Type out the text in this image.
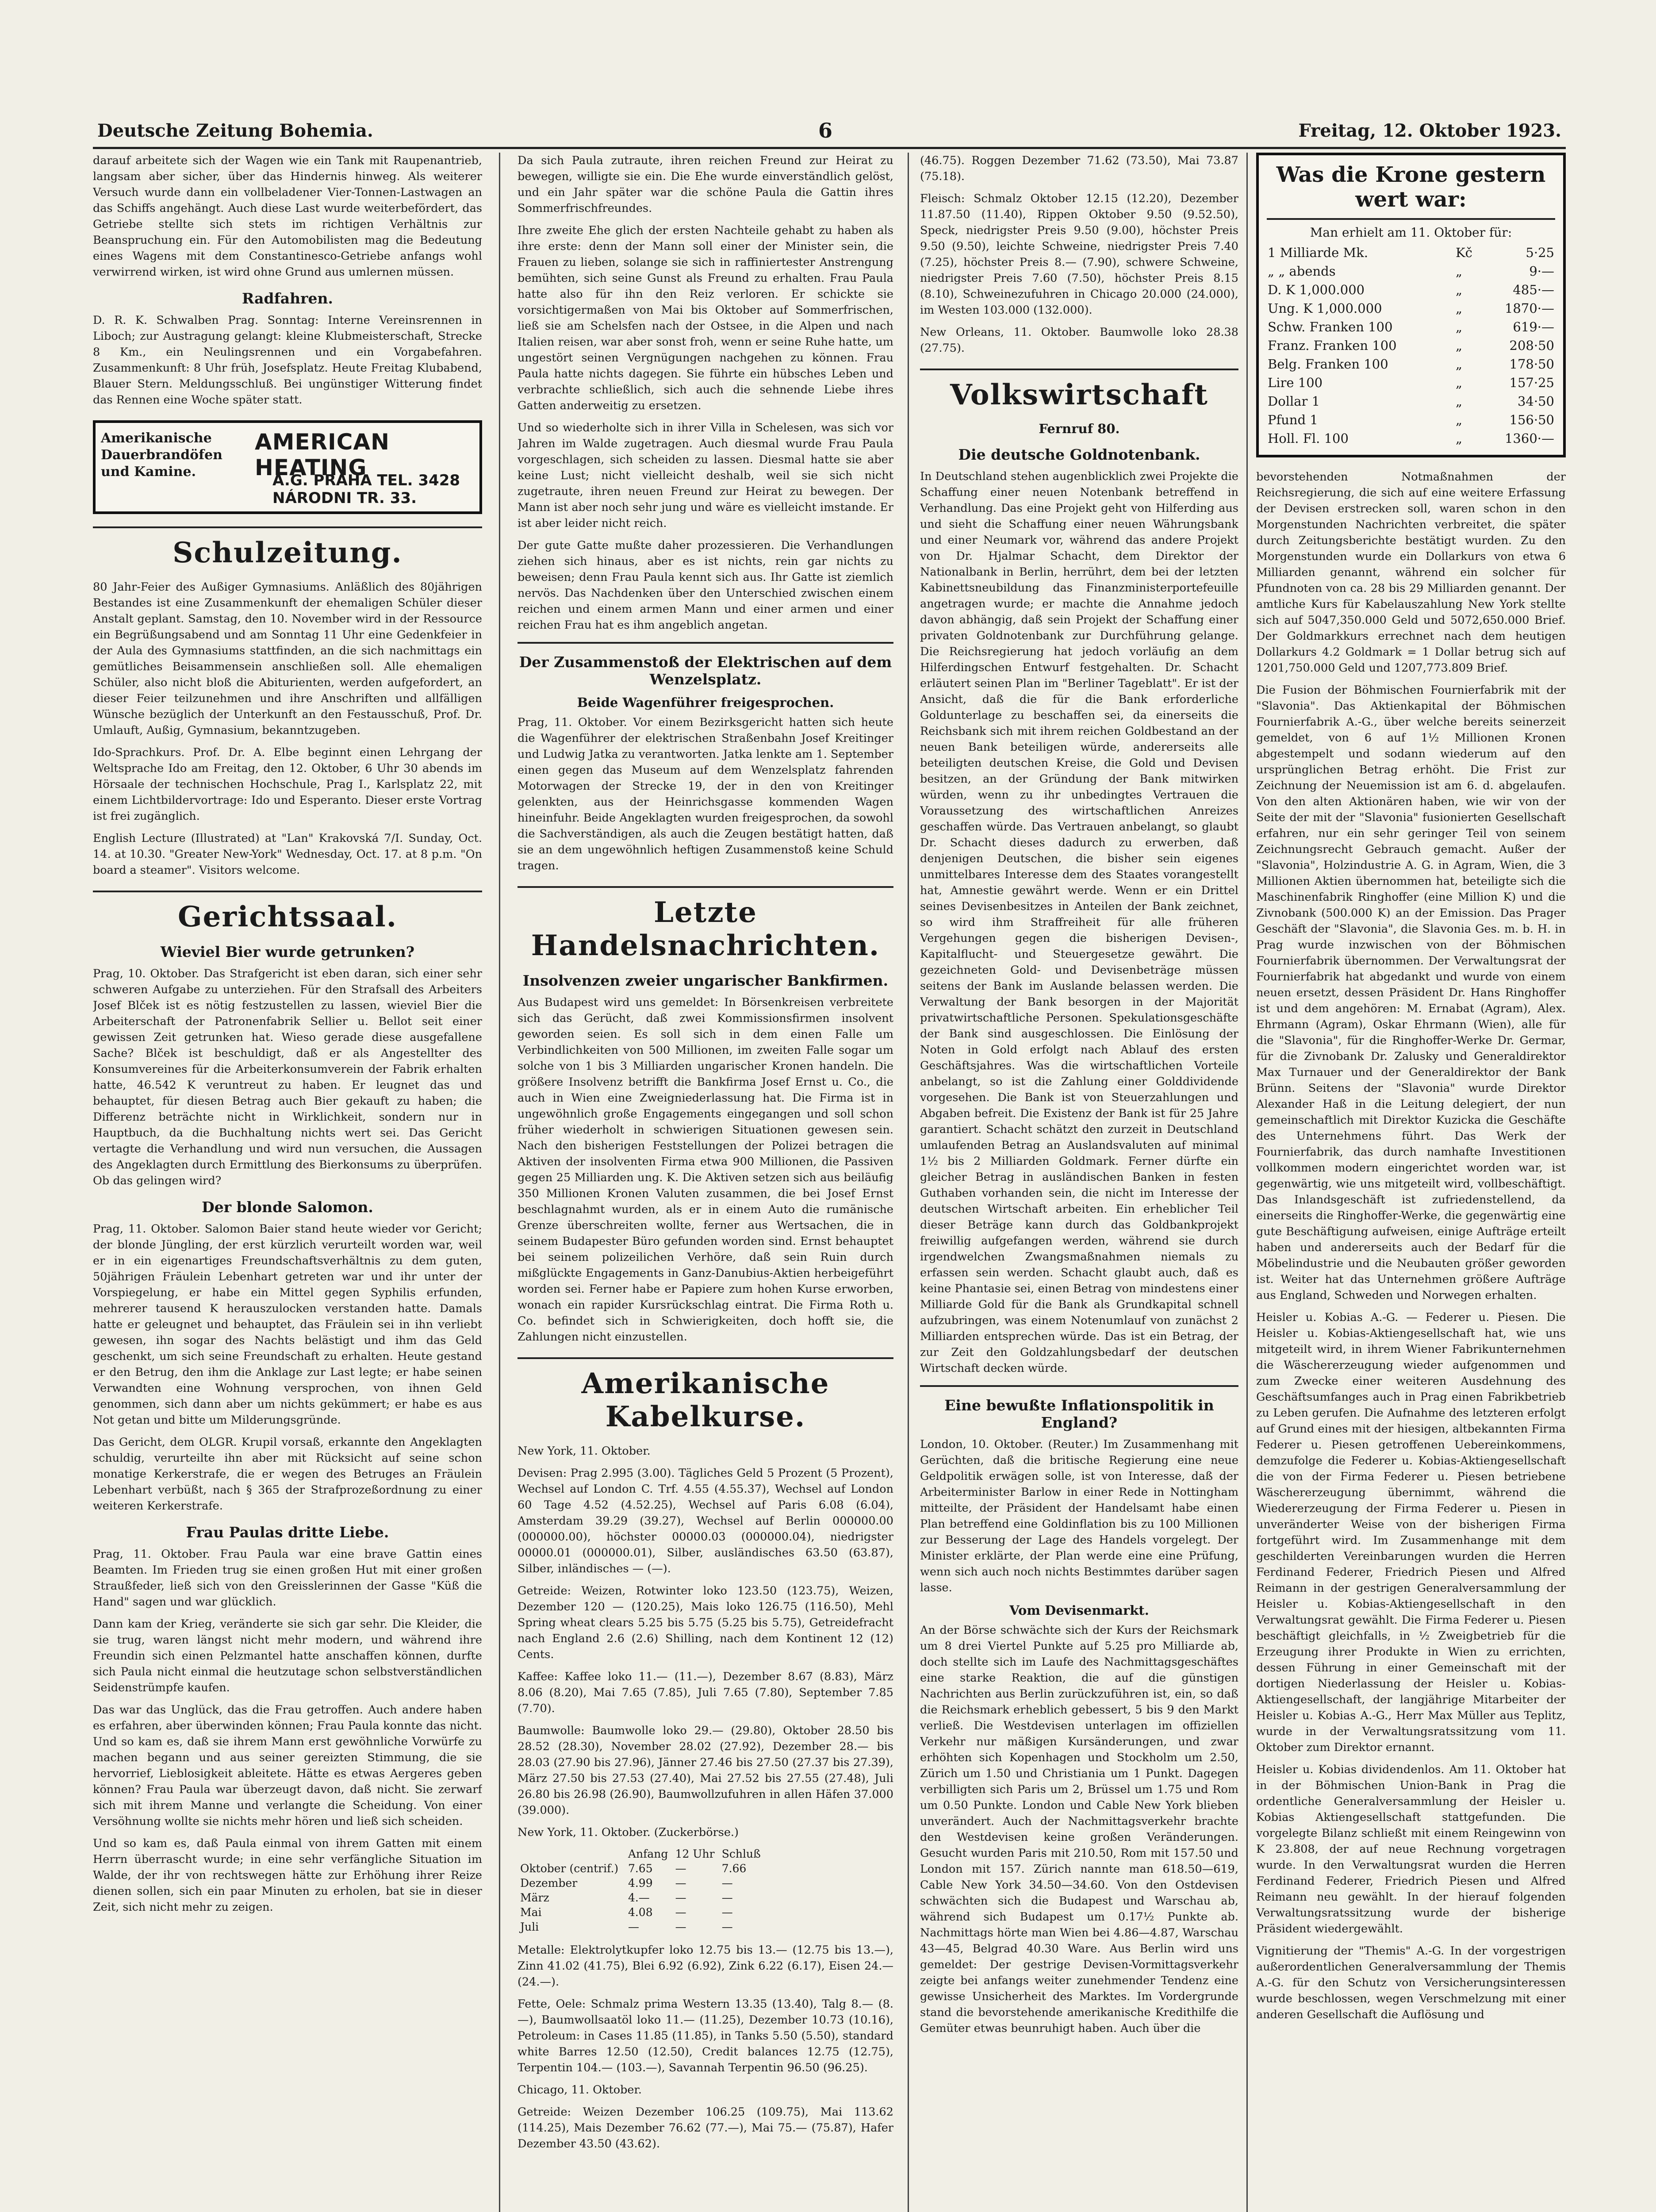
Deutsche Zeitung Bohemia.	6	Freitag, 12. Oktober 1923.

darauf arbeitete sich der Wagen wie ein Tank mit Raupenantrieb, langsam aber sicher, über das Hindernis hinweg. Als weiterer Versuch wurde dann ein vollbeladener Vier-Tonnen-Lastwagen an das Schiffs angehängt. Auch diese Last wurde weiterbefördert, das Getriebe stellte sich stets im richtigen Verhältnis zur Beanspruchung ein. Für den Automobilisten mag die Bedeutung eines Wagens mit dem Constantinesco-Getriebe anfangs wohl verwirrend wirken, ist wird ohne Grund aus umlernen müssen.

Radfahren.

D. R. K. Schwalben Prag. Sonntag: Interne Vereinsrennen in Liboch; zur Austragung gelangt: kleine Klubmeisterschaft, Strecke 8 Km., ein Neulingsrennen und ein Vorgabefahren. Zusammenkunft: 8 Uhr früh, Josefsplatz. Heute Freitag Klubabend, Blauer Stern. Meldungsschluß. Bei ungünstiger Witterung findet das Rennen eine Woche später statt.

Amerikanische Dauerbrandöfen und Kamine.
AMERICAN HEATING
A.G. PRAHA TEL. 3428
NÁRODNI TR. 33.
Schulzeitung.

80 Jahr-Feier des Außiger Gymnasiums. Anläßlich des 80jährigen Bestandes ist eine Zusammenkunft der ehemaligen Schüler dieser Anstalt geplant. Samstag, den 10. November wird in der Ressource ein Begrüßungsabend und am Sonntag 11 Uhr eine Gedenkfeier in der Aula des Gymnasiums stattfinden, an die sich nachmittags ein gemütliches Beisammensein anschließen soll. Alle ehemaligen Schüler, also nicht bloß die Abiturienten, werden aufgefordert, an dieser Feier teilzunehmen und ihre Anschriften und allfälligen Wünsche bezüglich der Unterkunft an den Festausschuß, Prof. Dr. Umlauft, Außig, Gymnasium, bekanntzugeben.

Ido-Sprachkurs. Prof. Dr. A. Elbe beginnt einen Lehrgang der Weltsprache Ido am Freitag, den 12. Oktober, 6 Uhr 30 abends im Hörsaale der technischen Hochschule, Prag I., Karlsplatz 22, mit einem Lichtbildervortrage: Ido und Esperanto. Dieser erste Vortrag ist frei zugänglich.

English Lecture (Illustrated) at "Lan" Krakovská 7/I. Sunday, Oct. 14. at 10.30. "Greater New-York" Wednesday, Oct. 17. at 8 p.m. "On board a steamer". Visitors welcome.

Gerichtssaal.
Wieviel Bier wurde getrunken?

Prag, 10. Oktober. Das Strafgericht ist eben daran, sich einer sehr schweren Aufgabe zu unterziehen. Für den Strafsall des Arbeiters Josef Blček ist es nötig festzustellen zu lassen, wieviel Bier die Arbeiterschaft der Patronenfabrik Sellier u. Bellot seit einer gewissen Zeit getrunken hat. Wieso gerade diese ausgefallene Sache? Blček ist beschuldigt, daß er als Angestellter des Konsumvereines für die Arbeiterkonsumverein der Fabrik erhalten hatte, 46.542 K veruntreut zu haben. Er leugnet das und behauptet, für diesen Betrag auch Bier gekauft zu haben; die Differenz beträchte nicht in Wirklichkeit, sondern nur in Hauptbuch, da die Buchhaltung nichts wert sei. Das Gericht vertagte die Verhandlung und wird nun versuchen, die Aussagen des Angeklagten durch Ermittlung des Bierkonsums zu überprüfen. Ob das gelingen wird?

Der blonde Salomon.

Prag, 11. Oktober. Salomon Baier stand heute wieder vor Gericht; der blonde Jüngling, der erst kürzlich verurteilt worden war, weil er in ein eigenartiges Freundschaftsverhältnis zu dem guten, 50jährigen Fräulein Lebenhart getreten war und ihr unter der Vorspiegelung, er habe ein Mittel gegen Syphilis erfunden, mehrerer tausend K herauszulocken verstanden hatte. Damals hatte er geleugnet und behauptet, das Fräulein sei in ihn verliebt gewesen, ihn sogar des Nachts belästigt und ihm das Geld geschenkt, um sich seine Freundschaft zu erhalten. Heute gestand er den Betrug, den ihm die Anklage zur Last legte; er habe seinen Verwandten eine Wohnung versprochen, von ihnen Geld genommen, sich dann aber um nichts gekümmert; er habe es aus Not getan und bitte um Milderungsgründe.

Das Gericht, dem OLGR. Krupil vorsaß, erkannte den Angeklagten schuldig, verurteilte ihn aber mit Rücksicht auf seine schon monatige Kerkerstrafe, die er wegen des Betruges an Fräulein Lebenhart verbüßt, nach § 365 der Strafprozeßordnung zu einer weiteren Kerkerstrafe.

Frau Paulas dritte Liebe.

Prag, 11. Oktober. Frau Paula war eine brave Gattin eines Beamten. Im Frieden trug sie einen großen Hut mit einer großen Straußfeder, ließ sich von den Greisslerinnen der Gasse "Küß die Hand" sagen und war glücklich.

Dann kam der Krieg, veränderte sie sich gar sehr. Die Kleider, die sie trug, waren längst nicht mehr modern, und während ihre Freundin sich einen Pelzmantel hatte anschaffen können, durfte sich Paula nicht einmal die heutzutage schon selbstverständlichen Seidenstrümpfe kaufen.

Das war das Unglück, das die Frau getroffen. Auch andere haben es erfahren, aber überwinden können; Frau Paula konnte das nicht. Und so kam es, daß sie ihrem Mann erst gewöhnliche Vorwürfe zu machen begann und aus seiner gereizten Stimmung, die sie hervorrief, Lieblosigkeit ableitete. Hätte es etwas Aergeres geben können? Frau Paula war überzeugt davon, daß nicht. Sie zerwarf sich mit ihrem Manne und verlangte die Scheidung. Von einer Versöhnung wollte sie nichts mehr hören und ließ sich scheiden.

Und so kam es, daß Paula einmal von ihrem Gatten mit einem Herrn überrascht wurde; in eine sehr verfängliche Situation im Walde, der ihr von rechtswegen hätte zur Erhöhung ihrer Reize dienen sollen, sich ein paar Minuten zu erholen, bat sie in dieser Zeit, sich nicht mehr zu zeigen.

Da sich Paula zutraute, ihren reichen Freund zur Heirat zu bewegen, willigte sie ein. Die Ehe wurde einverständlich gelöst, und ein Jahr später war die schöne Paula die Gattin ihres Sommerfrischfreundes.

Ihre zweite Ehe glich der ersten Nachteile gehabt zu haben als ihre erste: denn der Mann soll einer der Minister sein, die Frauen zu lieben, solange sie sich in raffiniertester Anstrengung bemühten, sich seine Gunst als Freund zu erhalten. Frau Paula hatte also für ihn den Reiz verloren. Er schickte sie vorsichtigermaßen von Mai bis Oktober auf Sommerfrischen, ließ sie am Schelsfen nach der Ostsee, in die Alpen und nach Italien reisen, war aber sonst froh, wenn er seine Ruhe hatte, um ungestört seinen Vergnügungen nachgehen zu können. Frau Paula hatte nichts dagegen. Sie führte ein hübsches Leben und verbrachte schließlich, sich auch die sehnende Liebe ihres Gatten anderweitig zu ersetzen.

Und so wiederholte sich in ihrer Villa in Schelesen, was sich vor Jahren im Walde zugetragen. Auch diesmal wurde Frau Paula vorgeschlagen, sich scheiden zu lassen. Diesmal hatte sie aber keine Lust; nicht vielleicht deshalb, weil sie sich nicht zugetraute, ihren neuen Freund zur Heirat zu bewegen. Der Mann ist aber noch sehr jung und wäre es vielleicht imstande. Er ist aber leider nicht reich.

Der gute Gatte mußte daher prozessieren. Die Verhandlungen ziehen sich hinaus, aber es ist nichts, rein gar nichts zu beweisen; denn Frau Paula kennt sich aus. Ihr Gatte ist ziemlich nervös. Das Nachdenken über den Unterschied zwischen einem reichen und einem armen Mann und einer armen und einer reichen Frau hat es ihm angeblich angetan.

Der Zusammenstoß der Elektrischen auf dem Wenzelsplatz.
Beide Wagenführer freigesprochen.

Prag, 11. Oktober. Vor einem Bezirksgericht hatten sich heute die Wagenführer der elektrischen Straßenbahn Josef Kreitinger und Ludwig Jatka zu verantworten. Jatka lenkte am 1. September einen gegen das Museum auf dem Wenzelsplatz fahrenden Motorwagen der Strecke 19, der in den von Kreitinger gelenkten, aus der Heinrichsgasse kommenden Wagen hineinfuhr. Beide Angeklagten wurden freigesprochen, da sowohl die Sachverständigen, als auch die Zeugen bestätigt hatten, daß sie an dem ungewöhnlich heftigen Zusammenstoß keine Schuld tragen.

Letzte Handelsnachrichten.
Insolvenzen zweier ungarischer Bankfirmen.

Aus Budapest wird uns gemeldet: In Börsenkreisen verbreitete sich das Gerücht, daß zwei Kommissionsfirmen insolvent geworden seien. Es soll sich in dem einen Falle um Verbindlichkeiten von 500 Millionen, im zweiten Falle sogar um solche von 1 bis 3 Milliarden ungarischer Kronen handeln. Die größere Insolvenz betrifft die Bankfirma Josef Ernst u. Co., die auch in Wien eine Zweigniederlassung hat. Die Firma ist in ungewöhnlich große Engagements eingegangen und soll schon früher wiederholt in schwierigen Situationen gewesen sein. Nach den bisherigen Feststellungen der Polizei betragen die Aktiven der insolventen Firma etwa 900 Millionen, die Passiven gegen 25 Milliarden ung. K. Die Aktiven setzen sich aus beiläufig 350 Millionen Kronen Valuten zusammen, die bei Josef Ernst beschlagnahmt wurden, als er in einem Auto die rumänische Grenze überschreiten wollte, ferner aus Wertsachen, die in seinem Budapester Büro gefunden worden sind. Ernst behauptet bei seinem polizeilichen Verhöre, daß sein Ruin durch mißglückte Engagements in Ganz-Danubius-Aktien herbeigeführt worden sei. Ferner habe er Papiere zum hohen Kurse erworben, wonach ein rapider Kursrückschlag eintrat. Die Firma Roth u. Co. befindet sich in Schwierigkeiten, doch hofft sie, die Zahlungen nicht einzustellen.

Amerikanische Kabelkurse.

New York, 11. Oktober.

Devisen: Prag 2.995 (3.00). Tägliches Geld 5 Prozent (5 Prozent), Wechsel auf London C. Trf. 4.55 (4.55.37), Wechsel auf London 60 Tage 4.52 (4.52.25), Wechsel auf Paris 6.08 (6.04), Amsterdam 39.29 (39.27), Wechsel auf Berlin 000000.00 (000000.00), höchster 00000.03 (000000.04), niedrigster 00000.01 (000000.01), Silber, ausländisches 63.50 (63.87), Silber, inländisches — (—).

Getreide: Weizen, Rotwinter loko 123.50 (123.75), Weizen, Dezember 120 — (120.25), Mais loko 126.75 (116.50), Mehl Spring wheat clears 5.25 bis 5.75 (5.25 bis 5.75), Getreidefracht nach England 2.6 (2.6) Shilling, nach dem Kontinent 12 (12) Cents.

Kaffee: Kaffee loko 11.— (11.—), Dezember 8.67 (8.83), März 8.06 (8.20), Mai 7.65 (7.85), Juli 7.65 (7.80), September 7.85 (7.70).

Baumwolle: Baumwolle loko 29.— (29.80), Oktober 28.50 bis 28.52 (28.30), November 28.02 (27.92), Dezember 28.— bis 28.03 (27.90 bis 27.96), Jänner 27.46 bis 27.50 (27.37 bis 27.39), März 27.50 bis 27.53 (27.40), Mai 27.52 bis 27.55 (27.48), Juli 26.80 bis 26.98 (26.90), Baumwollzufuhren in allen Häfen 37.000 (39.000).

New York, 11. Oktober. (Zuckerbörse.)

	Anfang	12 Uhr	Schluß
Oktober (centrif.)	7.65	—	7.66
Dezember	4.99	—	—
März	4.—	—	—
Mai	4.08	—	—
Juli	—	—	—

Metalle: Elektrolytkupfer loko 12.75 bis 13.— (12.75 bis 13.—), Zinn 41.02 (41.75), Blei 6.92 (6.92), Zink 6.22 (6.17), Eisen 24.— (24.—).

Fette, Oele: Schmalz prima Western 13.35 (13.40), Talg 8.— (8.—), Baumwollsaatöl loko 11.— (11.25), Dezember 10.73 (10.16), Petroleum: in Cases 11.85 (11.85), in Tanks 5.50 (5.50), standard white Barres 12.50 (12.50), Credit balances 12.75 (12.75), Terpentin 104.— (103.—), Savannah Terpentin 96.50 (96.25).

Chicago, 11. Oktober.

Getreide: Weizen Dezember 106.25 (109.75), Mai 113.62 (114.25), Mais Dezember 76.62 (77.—), Mai 75.— (75.87), Hafer Dezember 43.50 (43.62).

(46.75). Roggen Dezember 71.62 (73.50), Mai 73.87 (75.18).

Fleisch: Schmalz Oktober 12.15 (12.20), Dezember 11.87.50 (11.40), Rippen Oktober 9.50 (9.52.50), Speck, niedrigster Preis 9.50 (9.00), höchster Preis 9.50 (9.50), leichte Schweine, niedrigster Preis 7.40 (7.25), höchster Preis 8.— (7.90), schwere Schweine, niedrigster Preis 7.60 (7.50), höchster Preis 8.15 (8.10), Schweinezufuhren in Chicago 20.000 (24.000), im Westen 103.000 (132.000).

New Orleans, 11. Oktober. Baumwolle loko 28.38 (27.75).

Volkswirtschaft
Fernruf 80.
Die deutsche Goldnotenbank.

In Deutschland stehen augenblicklich zwei Projekte die Schaffung einer neuen Notenbank betreffend in Verhandlung. Das eine Projekt geht von Hilferding aus und sieht die Schaffung einer neuen Währungsbank und einer Neumark vor, während das andere Projekt von Dr. Hjalmar Schacht, dem Direktor der Nationalbank in Berlin, herrührt, dem bei der letzten Kabinettsneubildung das Finanzministerportefeuille angetragen wurde; er machte die Annahme jedoch davon abhängig, daß sein Projekt der Schaffung einer privaten Goldnotenbank zur Durchführung gelange. Die Reichsregierung hat jedoch vorläufig an dem Hilferdingschen Entwurf festgehalten. Dr. Schacht erläutert seinen Plan im "Berliner Tageblatt". Er ist der Ansicht, daß die für die Bank erforderliche Goldunterlage zu beschaffen sei, da einerseits die Reichsbank sich mit ihrem reichen Goldbestand an der neuen Bank beteiligen würde, andererseits alle beteiligten deutschen Kreise, die Gold und Devisen besitzen, an der Gründung der Bank mitwirken würden, wenn zu ihr unbedingtes Vertrauen die Voraussetzung des wirtschaftlichen Anreizes geschaffen würde. Das Vertrauen anbelangt, so glaubt Dr. Schacht dieses dadurch zu erwerben, daß denjenigen Deutschen, die bisher sein eigenes unmittelbares Interesse dem des Staates vorangestellt hat, Amnestie gewährt werde. Wenn er ein Drittel seines Devisenbesitzes in Anteilen der Bank zeichnet, so wird ihm Straffreiheit für alle früheren Vergehungen gegen die bisherigen Devisen-, Kapitalflucht- und Steuergesetze gewährt. Die gezeichneten Gold- und Devisenbeträge müssen seitens der Bank im Auslande belassen werden. Die Verwaltung der Bank besorgen in der Majorität privatwirtschaftliche Personen. Spekulationsgeschäfte der Bank sind ausgeschlossen. Die Einlösung der Noten in Gold erfolgt nach Ablauf des ersten Geschäftsjahres. Was die wirtschaftlichen Vorteile anbelangt, so ist die Zahlung einer Golddividende vorgesehen. Die Bank ist von Steuerzahlungen und Abgaben befreit. Die Existenz der Bank ist für 25 Jahre garantiert. Schacht schätzt den zurzeit in Deutschland umlaufenden Betrag an Auslandsvaluten auf minimal 1½ bis 2 Milliarden Goldmark. Ferner dürfte ein gleicher Betrag in ausländischen Banken in festen Guthaben vorhanden sein, die nicht im Interesse der deutschen Wirtschaft arbeiten. Ein erheblicher Teil dieser Beträge kann durch das Goldbankprojekt freiwillig aufgefangen werden, während sie durch irgendwelchen Zwangsmaßnahmen niemals zu erfassen sein werden. Schacht glaubt auch, daß es keine Phantasie sei, einen Betrag von mindestens einer Milliarde Gold für die Bank als Grundkapital schnell aufzubringen, was einem Notenumlauf von zunächst 2 Milliarden entsprechen würde. Das ist ein Betrag, der zur Zeit den Goldzahlungsbedarf der deutschen Wirtschaft decken würde.

Eine bewußte Inflationspolitik in England?

London, 10. Oktober. (Reuter.) Im Zusammenhang mit Gerüchten, daß die britische Regierung eine neue Geldpolitik erwägen solle, ist von Interesse, daß der Arbeiterminister Barlow in einer Rede in Nottingham mitteilte, der Präsident der Handelsamt habe einen Plan betreffend eine Goldinflation bis zu 100 Millionen zur Besserung der Lage des Handels vorgelegt. Der Minister erklärte, der Plan werde eine eine Prüfung, wenn sich auch noch nichts Bestimmtes darüber sagen lasse.

Vom Devisenmarkt.

An der Börse schwächte sich der Kurs der Reichsmark um 8 drei Viertel Punkte auf 5.25 pro Milliarde ab, doch stellte sich im Laufe des Nachmittagsgeschäftes eine starke Reaktion, die auf die günstigen Nachrichten aus Berlin zurückzuführen ist, ein, so daß die Reichsmark erheblich gebessert, 5 bis 9 den Markt verließ. Die Westdevisen unterlagen im offiziellen Verkehr nur mäßigen Kursänderungen, und zwar erhöhten sich Kopenhagen und Stockholm um 2.50, Zürich um 1.50 und Christiania um 1 Punkt. Dagegen verbilligten sich Paris um 2, Brüssel um 1.75 und Rom um 0.50 Punkte. London und Cable New York blieben unverändert. Auch der Nachmittagsverkehr brachte den Westdevisen keine großen Veränderungen. Gesucht wurden Paris mit 210.50, Rom mit 157.50 und London mit 157. Zürich nannte man 618.50—619, Cable New York 34.50—34.60. Von den Ostdevisen schwächten sich die Budapest und Warschau ab, während sich Budapest um 0.17½ Punkte ab. Nachmittags hörte man Wien bei 4.86—4.87, Warschau 43—45, Belgrad 40.30 Ware. Aus Berlin wird uns gemeldet: Der gestrige Devisen-Vormittagsverkehr zeigte bei anfangs weiter zunehmender Tendenz eine gewisse Unsicherheit des Marktes. Im Vordergrunde stand die bevorstehende amerikanische Kredithilfe die Gemüter etwas beunruhigt haben. Auch über die

Was die Krone gestern wert war:
Man erhielt am 11. Oktober für:
1 Milliarde Mk.	Kč	5·25
„ „ abends	„	9·—
D. K 1,000.000	„	485·—
Ung. K 1,000.000	„	1870·—
Schw. Franken 100	„	619·—
Franz. Franken 100	„	208·50
Belg. Franken 100	„	178·50
Lire 100	„	157·25
Dollar 1	„	34·50
Pfund 1	„	156·50
Holl. Fl. 100	„	1360·—

bevorstehenden Notmaßnahmen der Reichsregierung, die sich auf eine weitere Erfassung der Devisen erstrecken soll, waren schon in den Morgenstunden Nachrichten verbreitet, die später durch Zeitungsberichte bestätigt wurden. Zu den Morgenstunden wurde ein Dollarkurs von etwa 6 Milliarden genannt, während ein solcher für Pfundnoten von ca. 28 bis 29 Milliarden genannt. Der amtliche Kurs für Kabelauszahlung New York stellte sich auf 5047,350.000 Geld und 5072,650.000 Brief. Der Goldmarkkurs errechnet nach dem heutigen Dollarkurs 4.2 Goldmark = 1 Dollar betrug sich auf 1201,750.000 Geld und 1207,773.809 Brief.

Die Fusion der Böhmischen Fournierfabrik mit der "Slavonia". Das Aktienkapital der Böhmischen Fournierfabrik A.-G., über welche bereits seinerzeit gemeldet, von 6 auf 1½ Millionen Kronen abgestempelt und sodann wiederum auf den ursprünglichen Betrag erhöht. Die Frist zur Zeichnung der Neuemission ist am 6. d. abgelaufen. Von den alten Aktionären haben, wie wir von der Seite der mit der "Slavonia" fusionierten Gesellschaft erfahren, nur ein sehr geringer Teil von seinem Zeichnungsrecht Gebrauch gemacht. Außer der "Slavonia", Holzindustrie A. G. in Agram, Wien, die 3 Millionen Aktien übernommen hat, beteiligte sich die Maschinenfabrik Ringhoffer (eine Million K) und die Zivnobank (500.000 K) an der Emission. Das Prager Geschäft der "Slavonia", die Slavonia Ges. m. b. H. in Prag wurde inzwischen von der Böhmischen Fournierfabrik übernommen. Der Verwaltungsrat der Fournierfabrik hat abgedankt und wurde von einem neuen ersetzt, dessen Präsident Dr. Hans Ringhoffer ist und dem angehören: M. Ernabat (Agram), Alex. Ehrmann (Agram), Oskar Ehrmann (Wien), alle für die "Slavonia", für die Ringhoffer-Werke Dr. Germar, für die Zivnobank Dr. Zalusky und Generaldirektor Max Turnauer und der Generaldirektor der Bank Brünn. Seitens der "Slavonia" wurde Direktor Alexander Haß in die Leitung delegiert, der nun gemeinschaftlich mit Direktor Kuzicka die Geschäfte des Unternehmens führt. Das Werk der Fournierfabrik, das durch namhafte Investitionen vollkommen modern eingerichtet worden war, ist gegenwärtig, wie uns mitgeteilt wird, vollbeschäftigt. Das Inlandsgeschäft ist zufriedenstellend, da einerseits die Ringhoffer-Werke, die gegenwärtig eine gute Beschäftigung aufweisen, einige Aufträge erteilt haben und andererseits auch der Bedarf für die Möbelindustrie und die Neubauten größer geworden ist. Weiter hat das Unternehmen größere Aufträge aus England, Schweden und Norwegen erhalten.

Heisler u. Kobias A.-G. — Federer u. Piesen. Die Heisler u. Kobias-Aktiengesellschaft hat, wie uns mitgeteilt wird, in ihrem Wiener Fabrikunternehmen die Wäschererzeugung wieder aufgenommen und zum Zwecke einer weiteren Ausdehnung des Geschäftsumfanges auch in Prag einen Fabrikbetrieb zu Leben gerufen. Die Aufnahme des letzteren erfolgt auf Grund eines mit der hiesigen, altbekannten Firma Federer u. Piesen getroffenen Uebereinkommens, demzufolge die Federer u. Kobias-Aktiengesellschaft die von der Firma Federer u. Piesen betriebene Wäschererzeugung übernimmt, während die Wiedererzeugung der Firma Federer u. Piesen in unveränderter Weise von der bisherigen Firma fortgeführt wird. Im Zusammenhange mit dem geschilderten Vereinbarungen wurden die Herren Ferdinand Federer, Friedrich Piesen und Alfred Reimann in der gestrigen Generalversammlung der Heisler u. Kobias-Aktiengesellschaft in den Verwaltungsrat gewählt. Die Firma Federer u. Piesen beschäftigt gleichfalls, in ½ Zweigbetrieb für die Erzeugung ihrer Produkte in Wien zu errichten, dessen Führung in einer Gemeinschaft mit der dortigen Niederlassung der Heisler u. Kobias-Aktiengesellschaft, der langjährige Mitarbeiter der Heisler u. Kobias A.-G., Herr Max Müller aus Teplitz, wurde in der Verwaltungsratssitzung vom 11. Oktober zum Direktor ernannt.

Heisler u. Kobias dividendenlos. Am 11. Oktober hat in der Böhmischen Union-Bank in Prag die ordentliche Generalversammlung der Heisler u. Kobias Aktiengesellschaft stattgefunden. Die vorgelegte Bilanz schließt mit einem Reingewinn von K 23.808, der auf neue Rechnung vorgetragen wurde. In den Verwaltungsrat wurden die Herren Ferdinand Federer, Friedrich Piesen und Alfred Reimann neu gewählt. In der hierauf folgenden Verwaltungsratssitzung wurde der bisherige Präsident wiedergewählt.

Vignitierung der "Themis" A.-G. In der vorgestrigen außerordentlichen Generalversammlung der Themis A.-G. für den Schutz von Versicherungsinteressen wurde beschlossen, wegen Verschmelzung mit einer anderen Gesellschaft die Auflösung und
